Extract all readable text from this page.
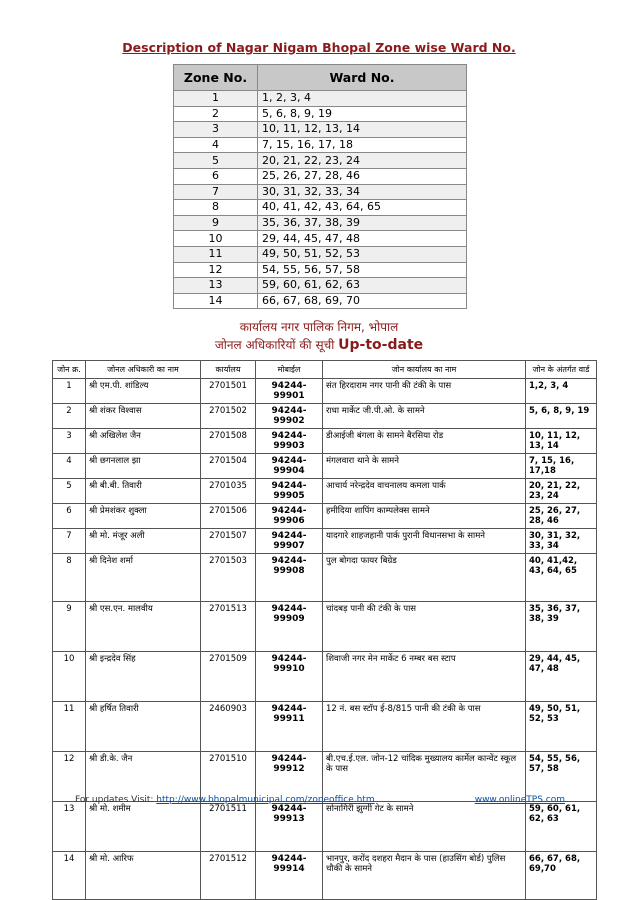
Description of Nagar Nigam Bhopal Zone wise Ward No.
Zone No.	Ward No.
1	1, 2, 3, 4
2	5, 6, 8, 9, 19
3	10, 11, 12, 13, 14
4	7, 15, 16, 17, 18
5	20, 21, 22, 23, 24
6	25, 26, 27, 28, 46
7	30, 31, 32, 33, 34
8	40, 41, 42, 43, 64, 65
9	35, 36, 37, 38, 39
10	29, 44, 45, 47, 48
11	49, 50, 51, 52, 53
12	54, 55, 56, 57, 58
13	59, 60, 61, 62, 63
14	66, 67, 68, 69, 70
कार्यालय नगर पालिक निगम, भोपाल
जोनल अधिकारियों की सूची Up-to-date
जोन क्र.	जोनल अधिकारी का नाम	कार्यालय	मोबाईल	जोन कार्यालय का नाम	जोन के अंतर्गत वार्ड
1	श्री एम.पी. शांडिल्य	2701501	94244-99901	संत हिरदाराम नगर पानी की टंकी के पास	1,2, 3, 4
2	श्री शंकर विश्वास	2701502	94244-99902	राधा मार्केट जी.पी.ओ. के सामने	5, 6, 8, 9, 19
3	श्री अखिलेश जैन	2701508	94244-99903	डीआईजी बंगला के सामने बैरसिया रोड	10, 11, 12, 13, 14
4	श्री छगनलाल झा	2701504	94244-99904	मंगलवारा थाने के सामने	7, 15, 16, 17,18
5	श्री बी.बी. तिवारी	2701035	94244-99905	आचार्य नरेन्द्रदेव वाचनालय कमला पार्क	20, 21, 22, 23, 24
6	श्री प्रेमशंकर शुक्ला	2701506	94244-99906	हमीदिया शापिंग काम्पलेक्स सामने	25, 26, 27, 28, 46
7	श्री मो. मंजूर अली	2701507	94244-99907	यादगारे शाहजहानी पार्क पुरानी विधानसभा के सामने	30, 31, 32, 33, 34
8	श्री दिनेश शर्मा	2701503	94244-99908	पुल बोगदा फायर बिग्रेड	40, 41,42, 43, 64, 65
9	श्री एस.एन. मालवीय	2701513	94244-99909	चांदबड़ पानी की टंकी के पास	35, 36, 37, 38, 39
10	श्री इन्द्रदेव सिंह	2701509	94244-99910	शिवाजी नगर मेन मार्केट 6 नम्बर बस स्टाप	29, 44, 45, 47, 48
11	श्री हर्षित तिवारी	2460903	94244-99911	12 नं. बस स्टॉप ई-8/815 पानी की टंकी के पास	49, 50, 51, 52, 53
12	श्री डी.के. जैन	2701510	94244-99912	बी.एच.ई.एल. जोन-12 चांदिक मुख्यालय कार्मेल कान्वेंट स्कूल के पास	54, 55, 56, 57, 58
13	श्री मो. शमीम	2701511	94244-99913	सोनागिरी झुग्गी गेट के सामने	59, 60, 61, 62, 63
14	श्री मो. आरिफ	2701512	94244-99914	भानपुर, करोंद दशहरा मैदान के पास (हाउसिंग बोर्ड) पुलिस चौकी के सामने	66, 67, 68, 69,70
For updates Visit: http://www.bhopalmunicipal.com/zoneoffice.htm	www.onlineTPS.com
